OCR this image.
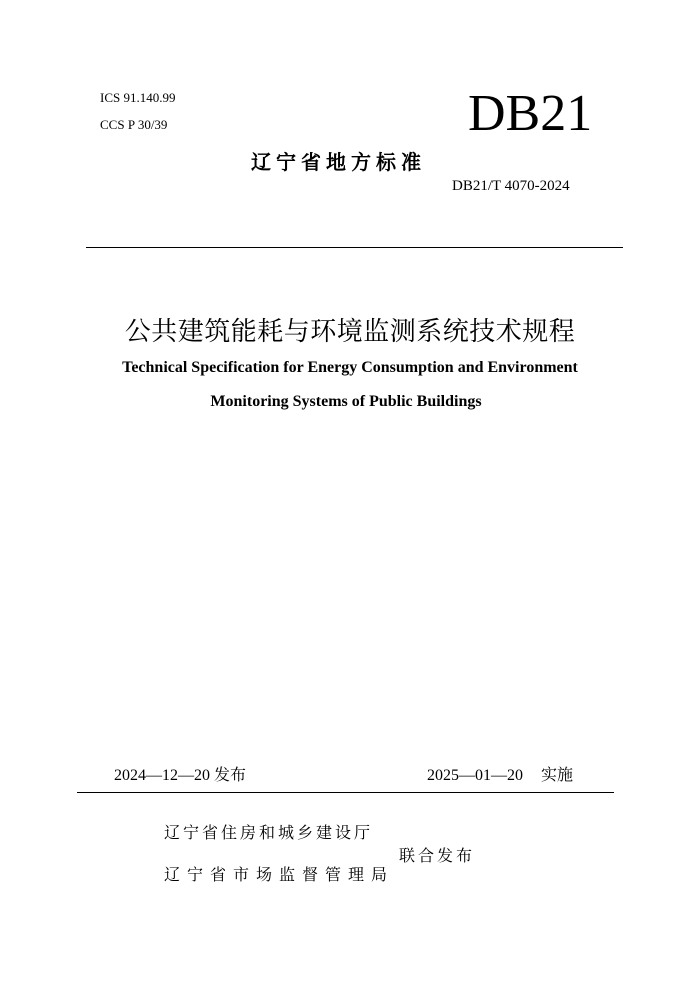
ICS 91.140.99
CCS P 30/39	DB21
辽宁省地方标准
DB21/T 4070-2024
公共建筑能耗与环境监测系统技术规程
Technical Specification for Energy Consumption and Environment
Monitoring Systems of Public Buildings
2024—12—20 发布	2025—01—20 实施
辽宁省住房和城乡建设厅
联合发布
辽宁省市场监督管理局
